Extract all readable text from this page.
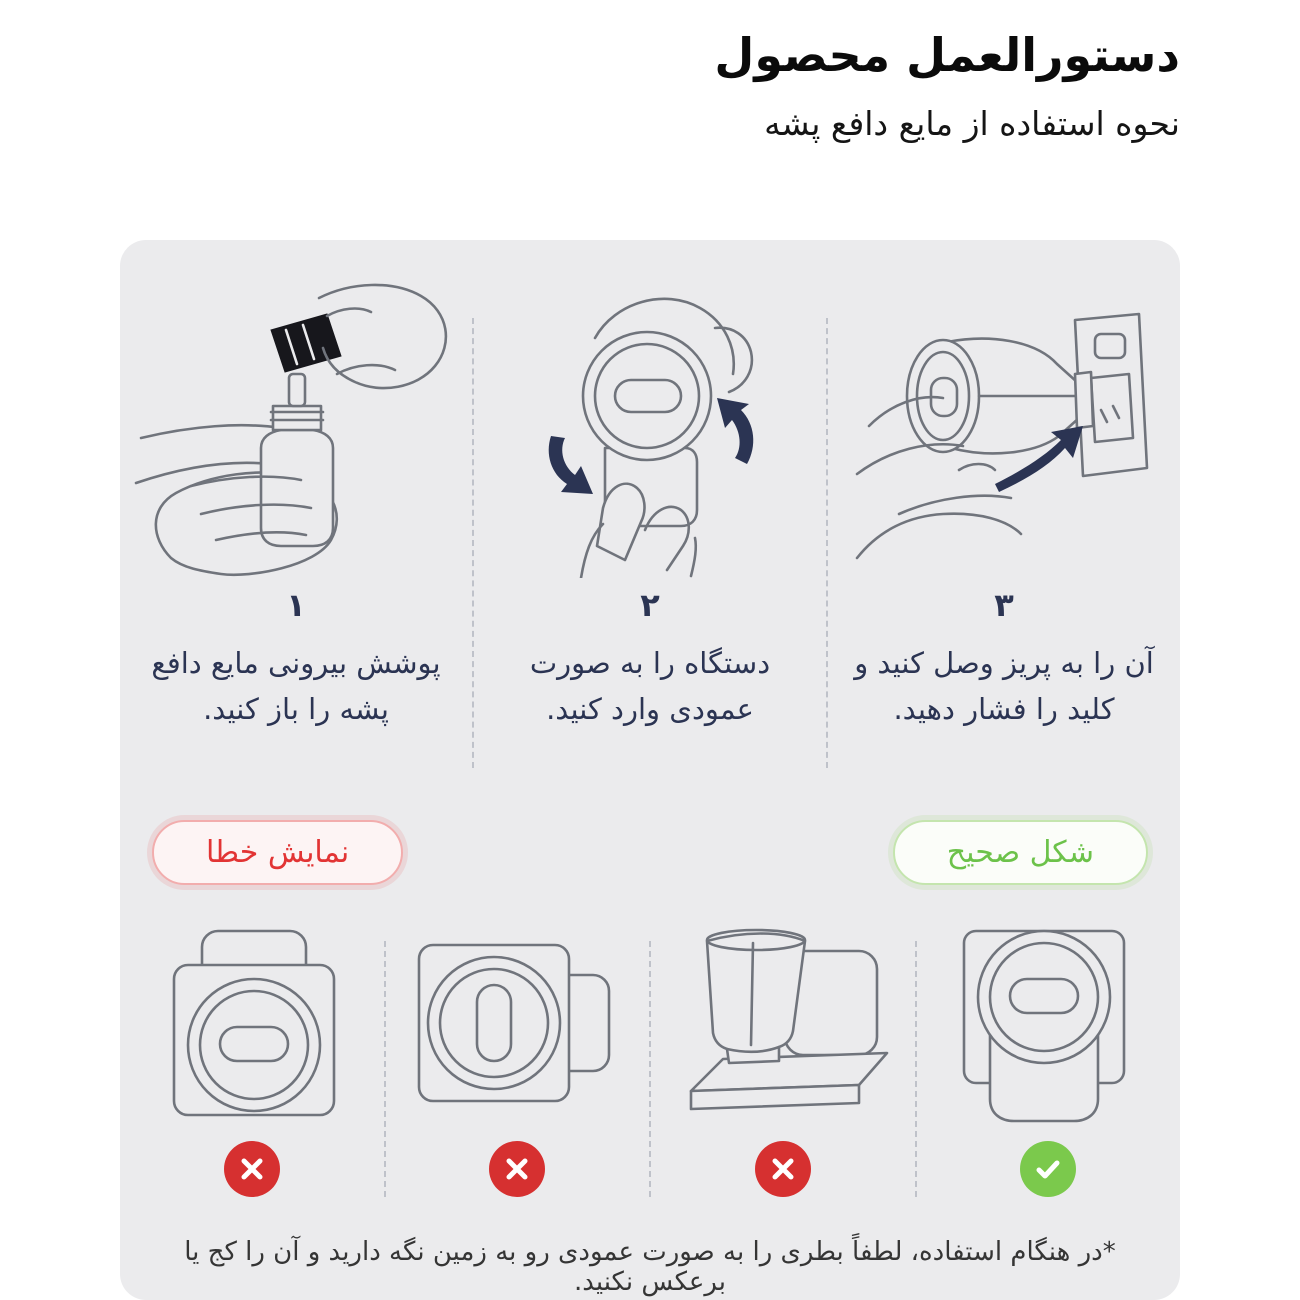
دستورالعمل محصول
نحوه استفاده از مایع دافع پشه
۱
پوشش بیرونی مایع دافع پشه را باز کنید.
۲
دستگاه را به صورت عمودی وارد کنید.
۳
آن را به پریز وصل کنید و کلید را فشار دهید.
نمایش خطا	شکل صحیح
*در هنگام استفاده، لطفاً بطری را به صورت عمودی رو به زمین نگه دارید و آن را کج یا برعکس نکنید.
